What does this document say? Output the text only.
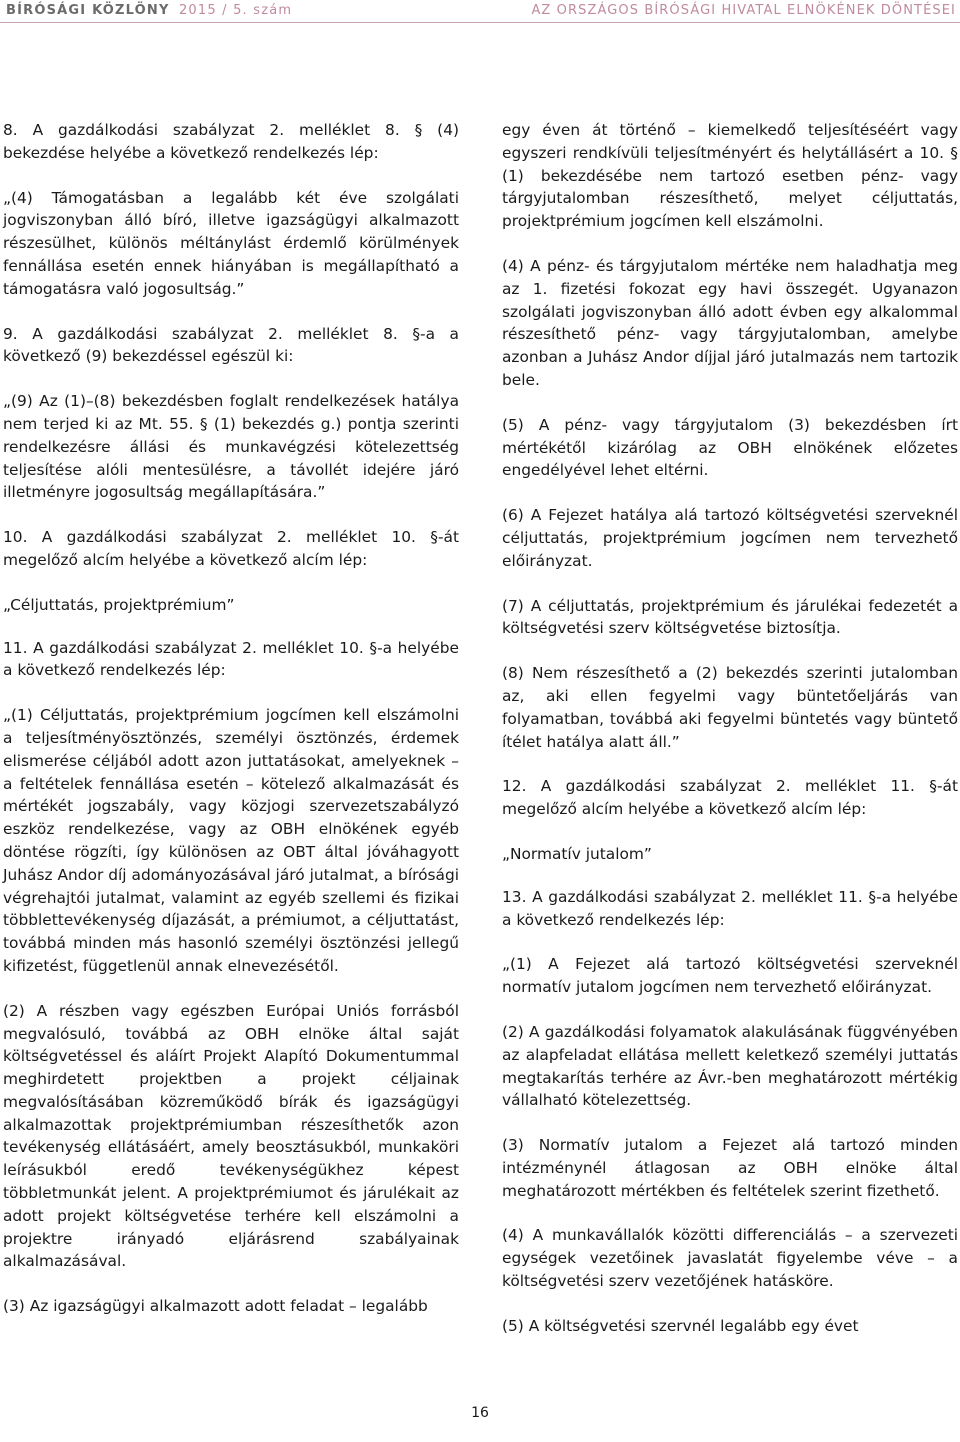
BÍRÓSÁGI KÖZLÖNY 2015 / 5. szám	AZ ORSZÁGOS BÍRÓSÁGI HIVATAL ELNÖKÉNEK DÖNTÉSEI

8. A gazdálkodási szabályzat 2. melléklet 8. § (4) bekezdése helyébe a következő rendelkezés lép:

„(4) Támogatásban a legalább két éve szolgálati jogviszonyban álló bíró, illetve igazságügyi alkalmazott részesülhet, különös méltánylást érdemlő körülmények fennállása esetén ennek hiányában is megállapítható a támogatásra való jogosultság.”

9. A gazdálkodási szabályzat 2. melléklet 8. §-a a következő (9) bekezdéssel egészül ki:

„(9) Az (1)–(8) bekezdésben foglalt rendelkezések hatálya nem terjed ki az Mt. 55. § (1) bekezdés g.) pontja szerinti rendelkezésre állási és munkavégzési kötelezettség teljesítése alóli mentesülésre, a távollét idejére járó illetményre jogosultság megállapítására.”

10. A gazdálkodási szabályzat 2. melléklet 10. §-át megelőző alcím helyébe a következő alcím lép:

„Céljuttatás, projektprémium”

11. A gazdálkodási szabályzat 2. melléklet 10. §-a helyébe a következő rendelkezés lép:

„(1) Céljuttatás, projektprémium jogcímen kell elszámolni a teljesítményösztönzés, személyi ösztönzés, érdemek elismerése céljából adott azon juttatásokat, amelyeknek – a feltételek fennállása esetén – kötelező alkalmazását és mértékét jogszabály, vagy közjogi szervezetszabályzó eszköz rendelkezése, vagy az OBH elnökének egyéb döntése rögzíti, így különösen az OBT által jóváhagyott Juhász Andor díj adományozásával járó jutalmat, a bírósági végrehajtói jutalmat, valamint az egyéb szellemi és fizikai többlettevékenység díjazását, a prémiumot, a céljuttatást, továbbá minden más hasonló személyi ösztönzési jellegű kifizetést, függetlenül annak elnevezésétől.

(2) A részben vagy egészben Európai Uniós forrásból megvalósuló, továbbá az OBH elnöke által saját költségvetéssel és aláírt Projekt Alapító Dokumentummal meghirdetett projektben a projekt céljainak megvalósításában közreműködő bírák és igazságügyi alkalmazottak projektprémiumban részesíthetők azon tevékenység ellátásáért, amely beosztásukból, munkaköri leírásukból eredő tevékenységükhez képest többletmunkát jelent. A projektprémiumot és járulékait az adott projekt költségvetése terhére kell elszámolni a projektre irányadó eljárásrend szabályainak alkalmazásával.

(3) Az igazságügyi alkalmazott adott feladat – legalább

egy éven át történő – kiemelkedő teljesítéséért vagy egyszeri rendkívüli teljesítményért és helytállásért a 10. § (1) bekezdésébe nem tartozó esetben pénz- vagy tárgyjutalomban részesíthető, melyet céljuttatás, projektprémium jogcímen kell elszámolni.

(4) A pénz- és tárgyjutalom mértéke nem haladhatja meg az 1. fizetési fokozat egy havi összegét. Ugyanazon szolgálati jogviszonyban álló adott évben egy alkalommal részesíthető pénz- vagy tárgyjutalomban, amelybe azonban a Juhász Andor díjjal járó jutalmazás nem tartozik bele.

(5) A pénz- vagy tárgyjutalom (3) bekezdésben írt mértékétől kizárólag az OBH elnökének előzetes engedélyével lehet eltérni.

(6) A Fejezet hatálya alá tartozó költségvetési szerveknél céljuttatás, projektprémium jogcímen nem tervezhető előirányzat.

(7) A céljuttatás, projektprémium és járulékai fedezetét a költségvetési szerv költségvetése biztosítja.

(8) Nem részesíthető a (2) bekezdés szerinti jutalomban az, aki ellen fegyelmi vagy büntetőeljárás van folyamatban, továbbá aki fegyelmi büntetés vagy büntető ítélet hatálya alatt áll.”

12. A gazdálkodási szabályzat 2. melléklet 11. §-át megelőző alcím helyébe a következő alcím lép:

„Normatív jutalom”

13. A gazdálkodási szabályzat 2. melléklet 11. §-a helyébe a következő rendelkezés lép:

„(1) A Fejezet alá tartozó költségvetési szerveknél normatív jutalom jogcímen nem tervezhető előirányzat.

(2) A gazdálkodási folyamatok alakulásának függvényében az alapfeladat ellátása mellett keletkező személyi juttatás megtakarítás terhére az Ávr.-ben meghatározott mértékig vállalható kötelezettség.

(3) Normatív jutalom a Fejezet alá tartozó minden intézménynél átlagosan az OBH elnöke által meghatározott mértékben és feltételek szerint fizethető.

(4) A munkavállalók közötti differenciálás – a szervezeti egységek vezetőinek javaslatát figyelembe véve – a költségvetési szerv vezetőjének hatásköre.

(5) A költségvetési szervnél legalább egy évet

16
